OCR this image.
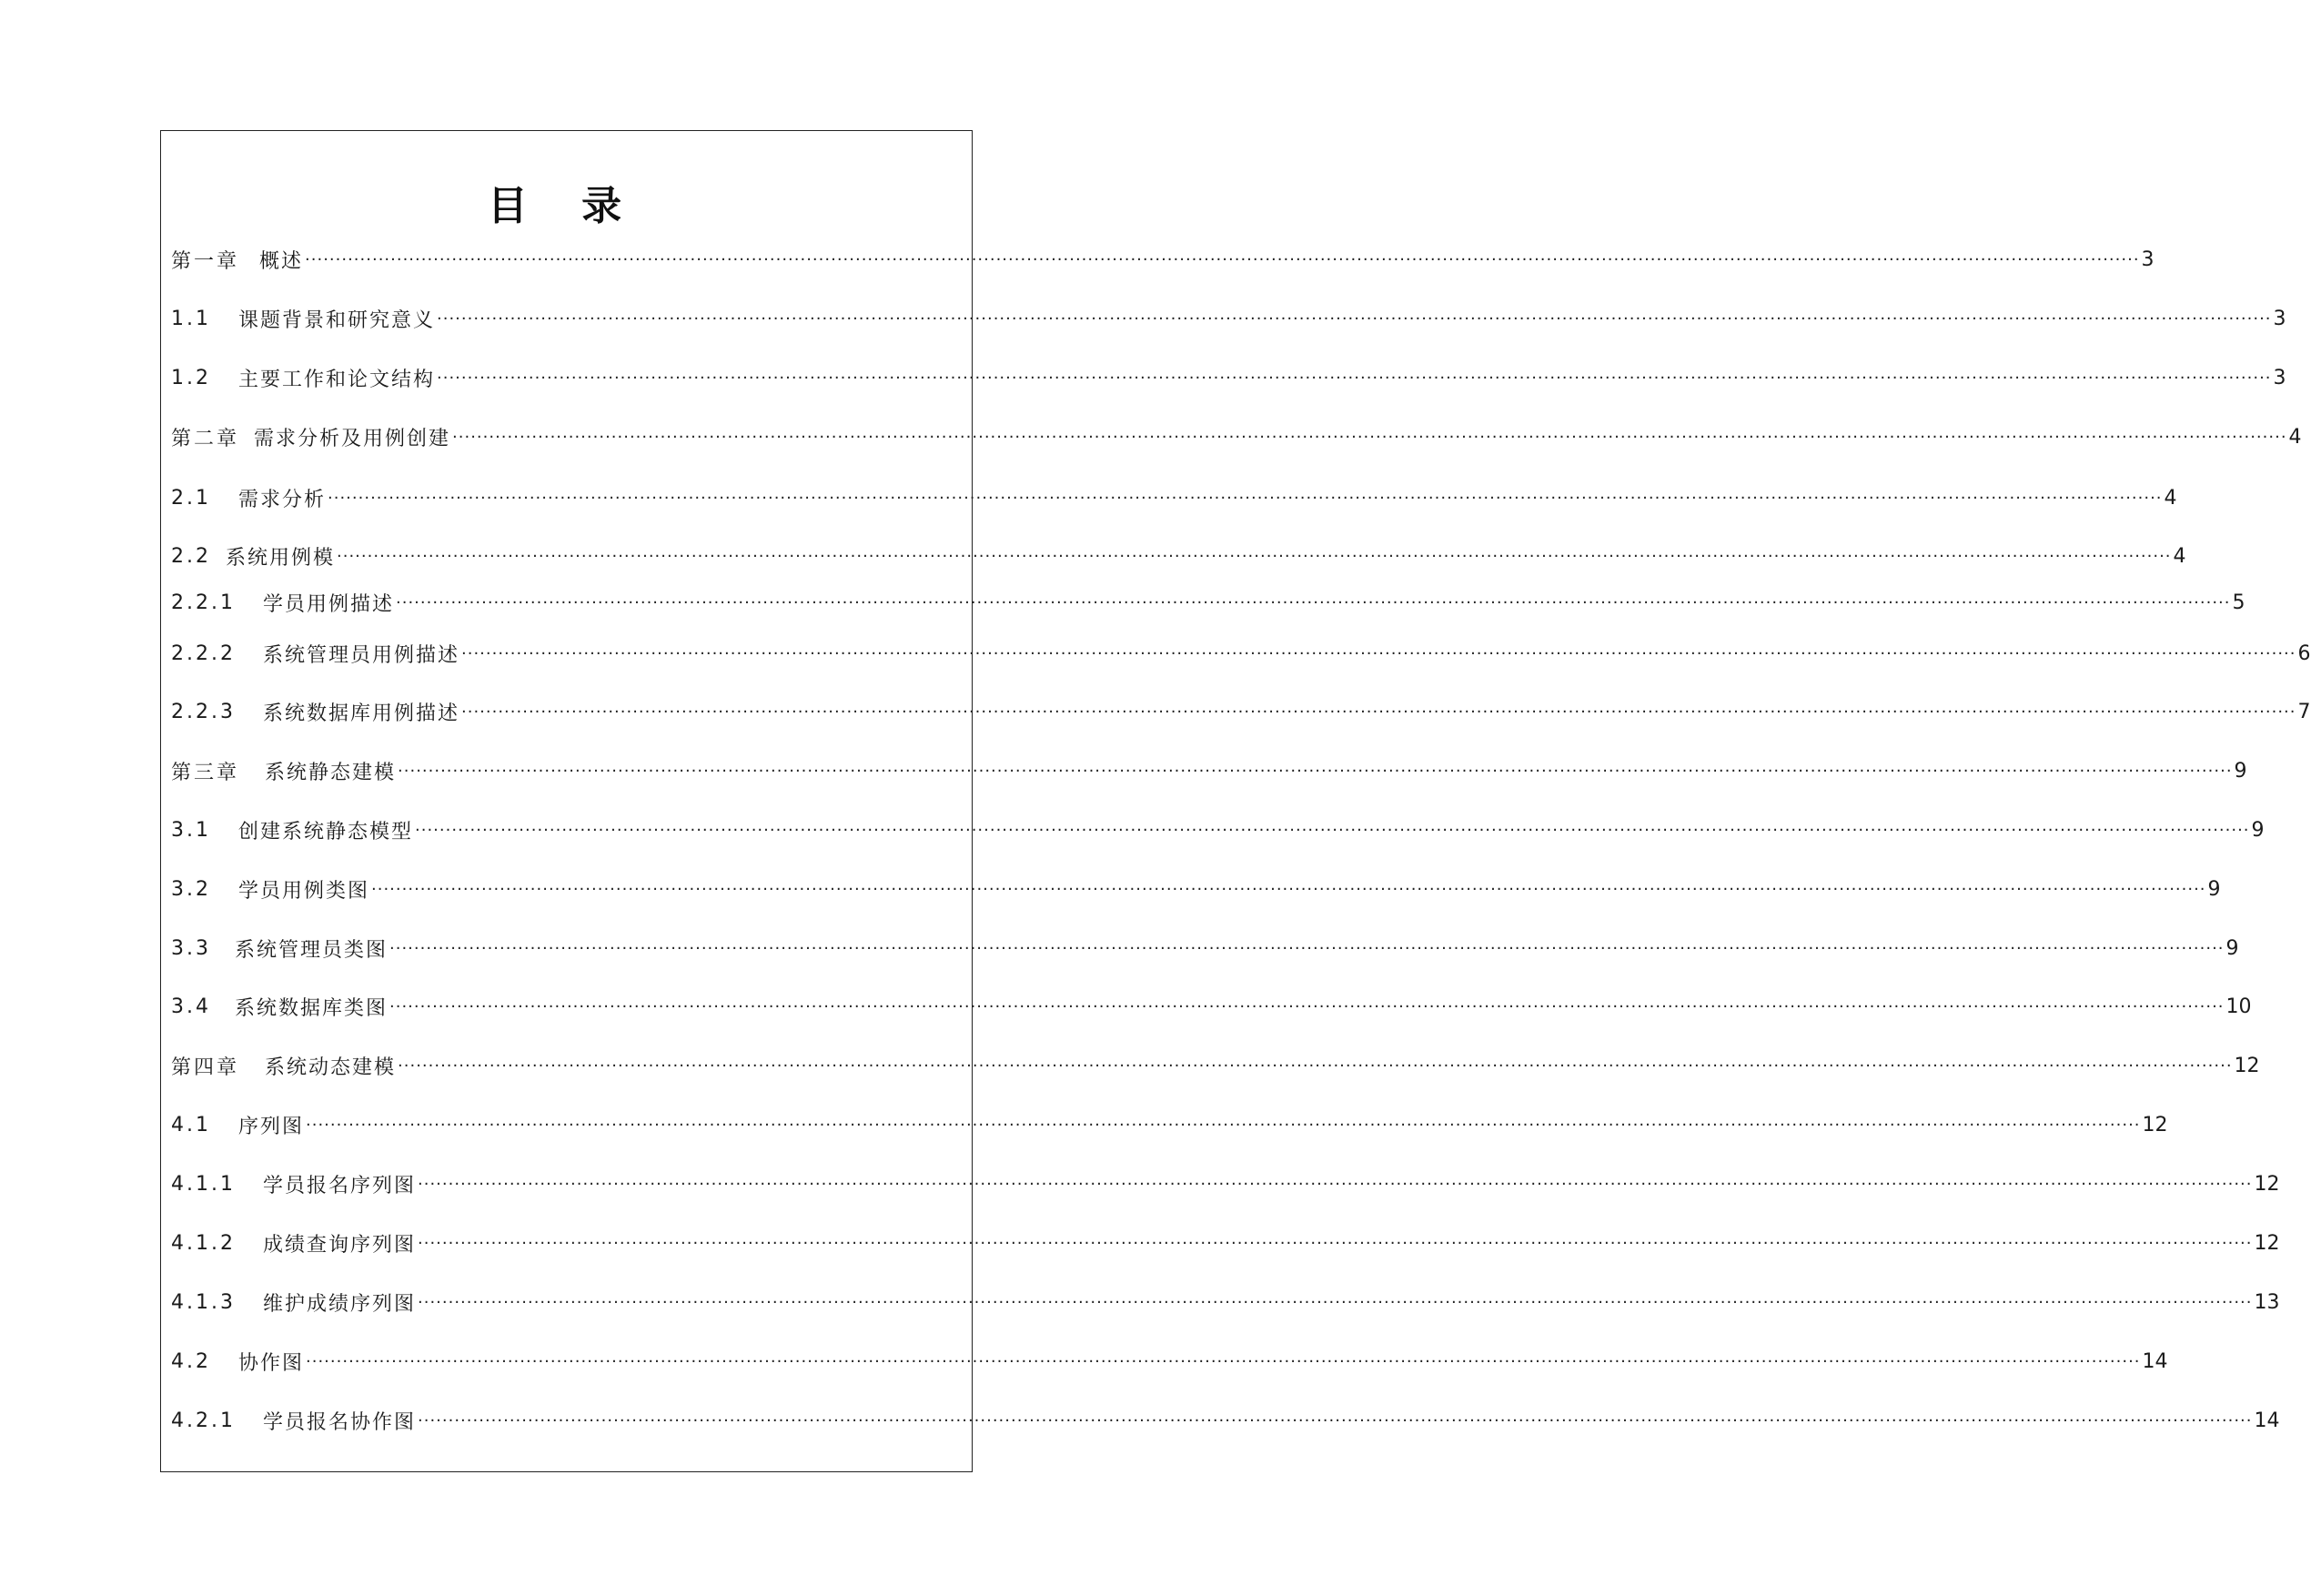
目 录
第一章 概述 ············································································································································································································································································································ 3
1.1 课题背景和研究意义 ············································································································································································································································································································ 3
1.2 主要工作和论文结构 ············································································································································································································································································································ 3
第二章 需求分析及用例创建 ············································································································································································································································································································ 4
2.1 需求分析 ············································································································································································································································································································ 4
2.2 系统用例模 ············································································································································································································································································································ 4
2.2.1 学员用例描述 ············································································································································································································································································································ 5
2.2.2 系统管理员用例描述 ············································································································································································································································································································ 6
2.2.3 系统数据库用例描述 ············································································································································································································································································································ 7
第三章 系统静态建模 ············································································································································································································································································································ 9
3.1 创建系统静态模型 ············································································································································································································································································································ 9
3.2 学员用例类图 ············································································································································································································································································································ 9
3.3 系统管理员类图 ············································································································································································································································································································ 9
3.4 系统数据库类图 ············································································································································································································································································································ 10
第四章 系统动态建模 ············································································································································································································································································································ 12
4.1 序列图 ············································································································································································································································································································ 12
4.1.1 学员报名序列图 ············································································································································································································································································································ 12
4.1.2 成绩查询序列图 ············································································································································································································································································································ 12
4.1.3 维护成绩序列图 ············································································································································································································································································································ 13
4.2 协作图 ············································································································································································································································································································ 14
4.2.1 学员报名协作图 ············································································································································································································································································································ 14
